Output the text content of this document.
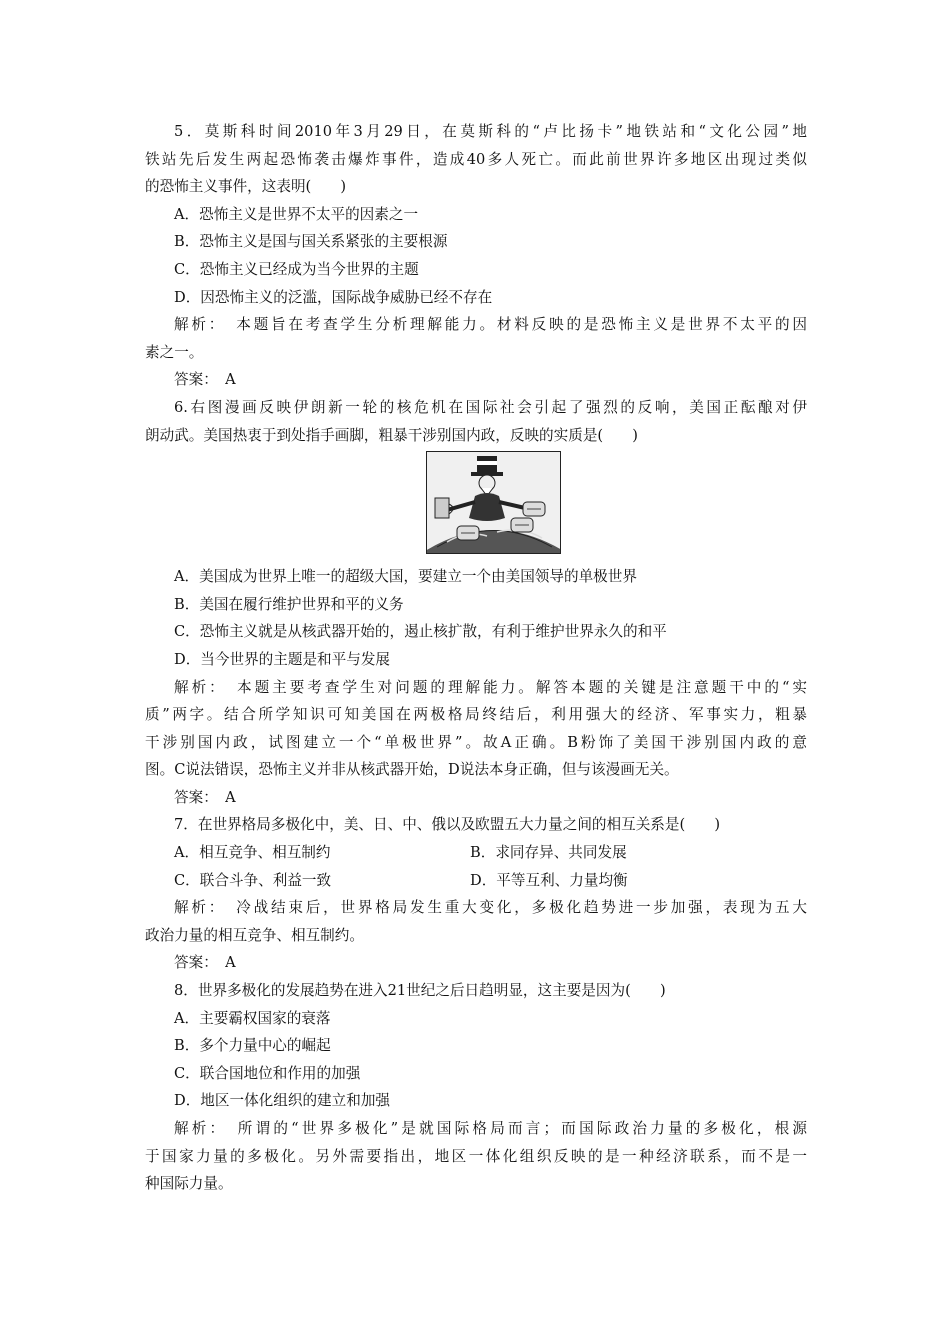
5．莫斯科时间2010年3月29日，在莫斯科的“卢比扬卡”地铁站和“文化公园”地
铁站先后发生两起恐怖袭击爆炸事件，造成40多人死亡。而此前世界许多地区出现过类似
的恐怖主义事件，这表明(　　)
A．恐怖主义是世界不太平的因素之一
B．恐怖主义是国与国关系紧张的主要根源
C．恐怖主义已经成为当今世界的主题
D．因恐怖主义的泛滥，国际战争威胁已经不存在
解析：　本题旨在考查学生分析理解能力。材料反映的是恐怖主义是世界不太平的因
素之一。
答案：　A
6.右图漫画反映伊朗新一轮的核危机在国际社会引起了强烈的反响，美国正酝酿对伊
朗动武。美国热衷于到处指手画脚，粗暴干涉别国内政，反映的实质是(　　)
A．美国成为世界上唯一的超级大国，要建立一个由美国领导的单极世界
B．美国在履行维护世界和平的义务
C．恐怖主义就是从核武器开始的，遏止核扩散，有利于维护世界永久的和平
D．当今世界的主题是和平与发展
解析：　本题主要考查学生对问题的理解能力。解答本题的关键是注意题干中的“实
质”两字。结合所学知识可知美国在两极格局终结后，利用强大的经济、军事实力，粗暴
干涉别国内政，试图建立一个“单极世界”。故A正确。B粉饰了美国干涉别国内政的意
图。C说法错误，恐怖主义并非从核武器开始，D说法本身正确，但与该漫画无关。
答案：　A
7．在世界格局多极化中，美、日、中、俄以及欧盟五大力量之间的相互关系是(　　)
A．相互竞争、相互制约	B．求同存异、共同发展
C．联合斗争、利益一致	D．平等互利、力量均衡
解析：　冷战结束后，世界格局发生重大变化，多极化趋势进一步加强，表现为五大
政治力量的相互竞争、相互制约。
答案：　A
8．世界多极化的发展趋势在进入21世纪之后日趋明显，这主要是因为(　　)
A．主要霸权国家的衰落
B．多个力量中心的崛起
C．联合国地位和作用的加强
D．地区一体化组织的建立和加强
解析：　所谓的“世界多极化”是就国际格局而言；而国际政治力量的多极化，根源
于国家力量的多极化。另外需要指出，地区一体化组织反映的是一种经济联系，而不是一
种国际力量。
